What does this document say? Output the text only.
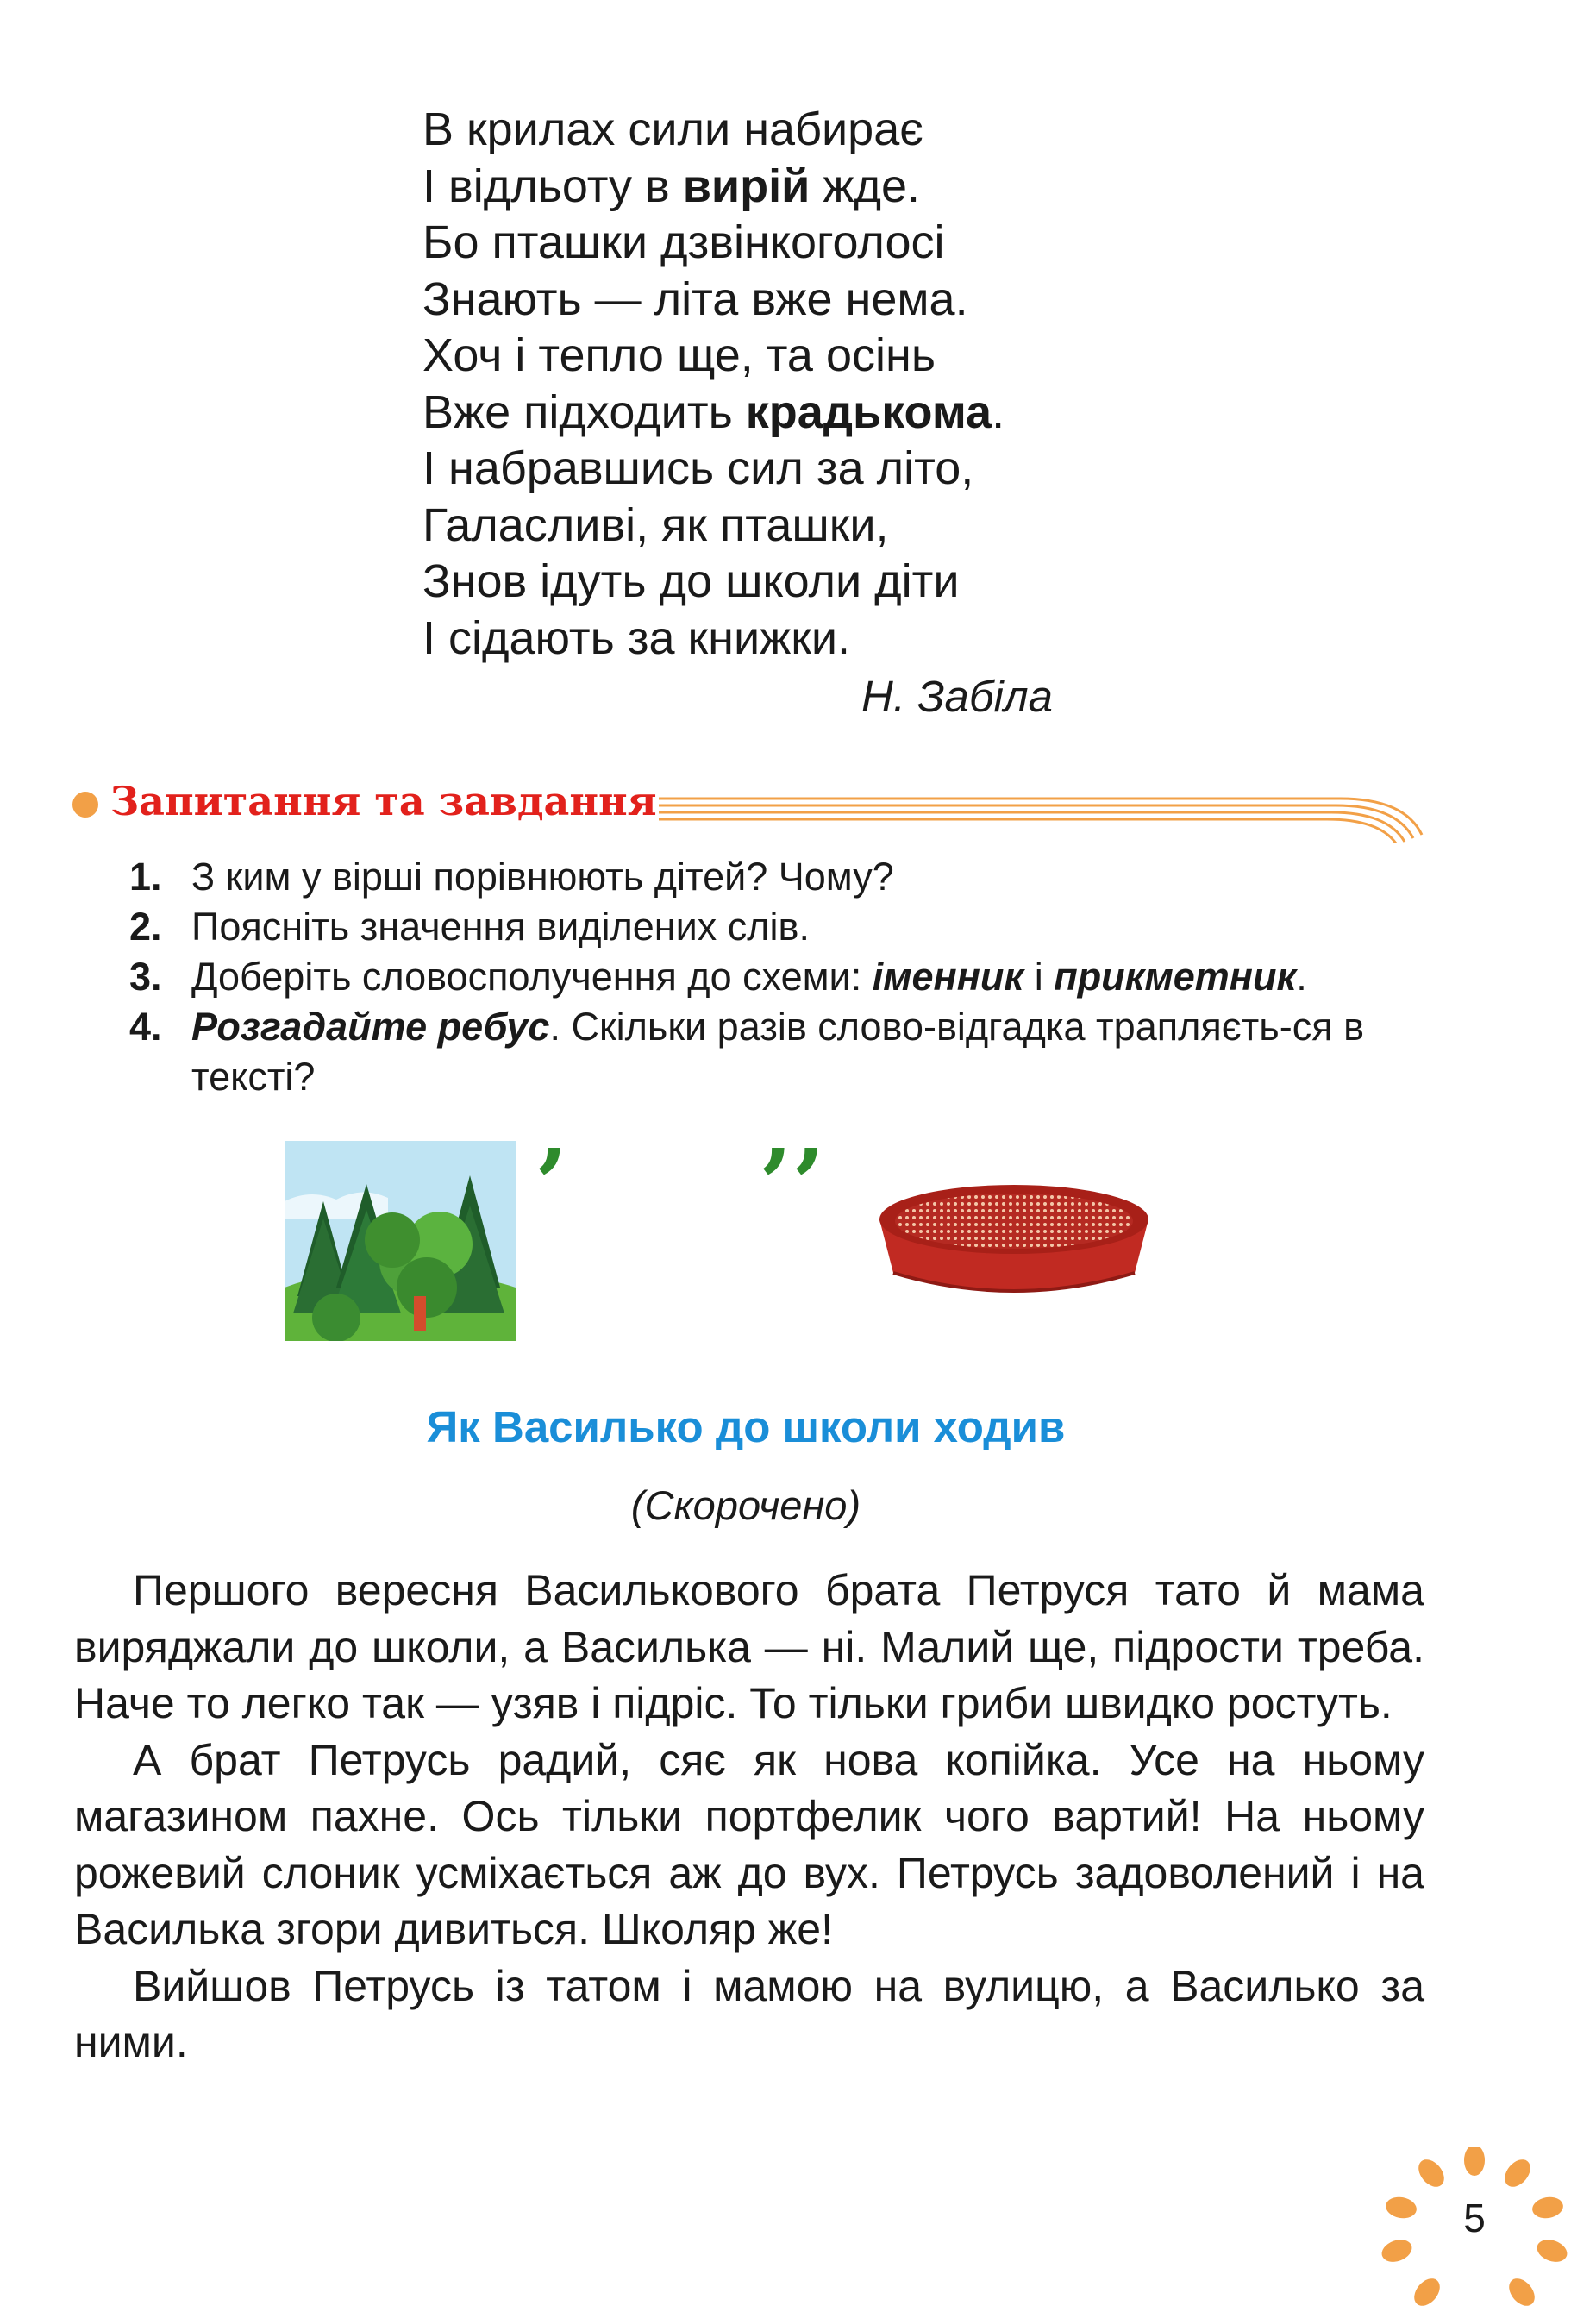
В крилах сили набирає
І відльоту в вирій жде.
Бо пташки дзвінкоголосі
Знають — літа вже нема.
Хоч і тепло ще, та осінь
Вже підходить крадькома.
І набравшись сил за літо,
Галасливі, як пташки,
Знов ідуть до школи діти
І сідають за книжки.
Н. Забіла
Запитання та завдання
1. З ким у вірші порівнюють дітей? Чому?
2. Поясніть значення виділених слів.
3. Доберіть словосполучення до схеми: іменник і прикметник.
4. Розгадайте ребус. Скільки разів слово-відгадка трапляєть-ся в тексті?
’ ’’
Як Василько до школи ходив
(Скорочено)

Першого вересня Василькового брата Петруся тато й мама виряджали до школи, а Василька — ні. Малий ще, підрости треба. Наче то легко так — узяв і підріс. То тільки гриби швидко ростуть.

А брат Петрусь радий, сяє як нова копійка. Усе на ньому магазином пахне. Ось тільки портфелик чого вартий! На ньому рожевий слоник усміхається аж до вух. Петрусь задоволений і на Василька згори дивиться. Школяр же!

Вийшов Петрусь із татом і мамою на вулицю, а Василько за ними.

5
